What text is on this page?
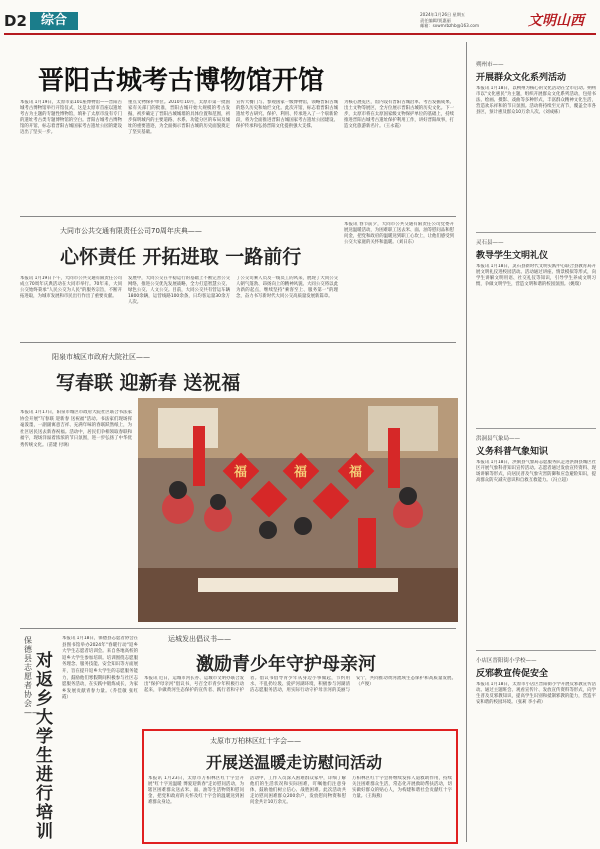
D2	综合	2024年1月26日 星期五
责任编辑/贾惠丽
邮箱：sxwmrbzhb@163.com	文明山西
晋阳古城考古博物馆开馆
本报讯 1月19日，太原市第101座博物馆——晋阳古城考古博物馆举行开馆仪式，这是太原市首座以遗址考古为主题的专题性博物馆，填补了太原市没有专门的遗址考古类专题博物馆的空白。晋阳古城考古博物馆的开馆，标志着晋阳古城国家考古遗址公园的建设迈出了坚实一步。
重点文物保护单位。2010年10月，太原市第一批国家有关部门的批准，晋阳古城开始大规模的考古发掘，初步确定了晋阳古城城墙的具体位置和范围，初步探明城内的主要道路、水系、功能分区的布局及城址的重要遗迹，为全面揭示晋阳古城的历史面貌奠定了坚实基础。
宣传大餐门与、参观国家一级博物馆，领略晋阳古城的悠久历史和灿烂文化。此次开馆，标志着晋阳古城遗址考古研究、保护、利用、传承进入了一个崭新阶段，将为全面推进晋阳古城国家考古遗址公园建设、保护传承和弘扬晋阳文化提供强大支撑。
为核心展览区，馆内设有晋阳古城沿革、考古发掘成果、出土文物等展区，全方位展示晋阳古城的历史文化。下一步，太原市将在太原国家级文物保护单位的基础上，持续推进晋阳古城考古遗址保护利用工作，讲好晋阳故事，打造文化旅游新名片。（王永霞）
大同市公共交通有限责任公司70周年庆典——
心怀责任 开拓进取 一路前行
本报讯 1月19日下午，大同市公共交通有限责任公司成立70周年庆典活动在大同市举行。70年来，大同公交始终秉承"人民公交为人民"的服务宗旨，不断开拓进取，为城市发展和市民出行作出了重要贡献。
发展中，大同公交在平稳运行的基础上不断完善公交网络，推进公交优先发展战略，全力打造智慧公交、绿色公交、人文公交。目前，大同公交共有营运车辆1800余辆，运营线路100余条，日均客运量30余万人次。
了公交司乘人员及一线员工的风采，展现了大同公交人朝气蓬勃、昂扬向上的精神风貌。大同公交将以此为新的起点，继续坚持"乘客至上、服务第一"的理念，奋力书写新时代大同公交高质量发展新篇章。
本报讯 春节前夕，大同市公共交通有限责任公司党委开展送温暖活动，为困难职工送去米、面、油等慰问品和慰问金，把党和政府的温暖送到职工心坎上，让他们感受到公交大家庭的关怀和温暖。（刘日东）
阳泉市城区市政府大院社区——
写春联 迎新春 送祝福
本报讯 1月17日，阳泉市城区市政府大院社区联合书法家协会开展"写春联 迎新春 送祝福"活动。书法家们现场挥毫泼墨，一副副寓意吉祥、充满年味的春联跃然纸上，为社区居民送去新春祝福。活动中，居民们争相领取春联和福字，现场洋溢着浓浓的节日氛围，进一步弘扬了中华优秀传统文化。（苗建 付璃）
福	福	福
保德县志愿者协会——
对返乡大学生进行培训
本报讯 1月18日，保德县志愿者协会在县图书馆举办2024年"春暖行动"返乡大学生志愿者培训会。来自各地高校的返乡大学生参加培训。培训围绕志愿服务理念、服务技能、安全知识等方面展开，旨在提升返乡大学生的志愿服务能力，鼓励他们寒假期间积极参与社区志愿服务活动，在实践中锻炼成长，为家乡发展贡献青春力量。（乔佳敏 张红霞）
运城发出倡议书——
激励青少年守护母亲河
本报讯 近日，运城市河长办、运城市文明办联合发出"保护母亲河"倡议书，号召全市青少年积极行动起来，争做黄河生态保护的宣传者、践行者和守护者。倡议书倡导青少年从身边小事做起，节约用水、不乱扔垃圾、爱护河湖环境，积极参与河湖清洁志愿服务活动，用实际行动守护母亲河的美丽与安宁，共同推动黄河流域生态保护和高质量发展。（卢俊）
太原市万柏林区红十字会——
开展送温暖走访慰问活动
本报讯 1月23日，太原市万柏林区红十字会开展"红十字送温暖 博爱迎新春"走访慰问活动，为辖区困难群众送去米、面、油等生活物资和慰问金，把党和政府的关怀及红十字会的温暖送到困难群众身边。
活动中，工作人员深入困难群众家中，详细了解他们的生活状况和实际困难，叮嘱他们注意身体，鼓励他们树立信心、战胜困难。此次活动共走访慰问困难群众200余户，发放慰问物资和慰问金共计10万余元。
万柏林区红十字会将继续发挥人道救助作用，持续关注困难群众生活，常态化开展救助帮扶活动，切实做好群众的贴心人，为构建和谐社会贡献红十字力量。（王海燕）
朔州市——
开展群众文化系列活动
本报讯 1月18日，以朔州为核心的文化活动在全市启动。朔州市以"文化惠民"为主题，组织开展群众文化系列活动，包括书法、绘画、摄影、戏曲等多种形式，丰富群众精神文化生活，营造欢乐祥和的节日氛围。活动将持续至元宵节，覆盖全市各县区，预计惠及群众10万余人次。（刘成栋）
灵石县——
教导学生文明礼仪
本报讯 1月18日，灵石县新时代文明实践中心联合县教育局开展文明礼仪进校园活动。活动通过讲座、情景模拟等形式，向学生讲解文明用语、社交礼仪等知识，引导学生养成文明习惯，争做文明学生，营造文明和谐的校园氛围。（姚瑞）
洪洞县气象局——
义务科普气象知识
本报讯 1月18日，洪洞县气象局志愿服务队走进洪洞县城区社区开展气象科普知识宣传活动。志愿者通过发放宣传资料、现场讲解等形式，向居民普及气象灾害防御和应急避险知识，提高群众防灾减灾意识和自救互救能力。（冯立超）
小店区晋阳街小学校——
反邪教宣传促安全
本报讯 1月18日，太原市小店区晋阳街小学开展反邪教宣传活动。通过主题班会、观看宣传片、发放宣传资料等形式，向学生普及反邪教知识，提高学生识别和抵制邪教的能力，营造平安和谐的校园环境。（张莉 李小莉）
